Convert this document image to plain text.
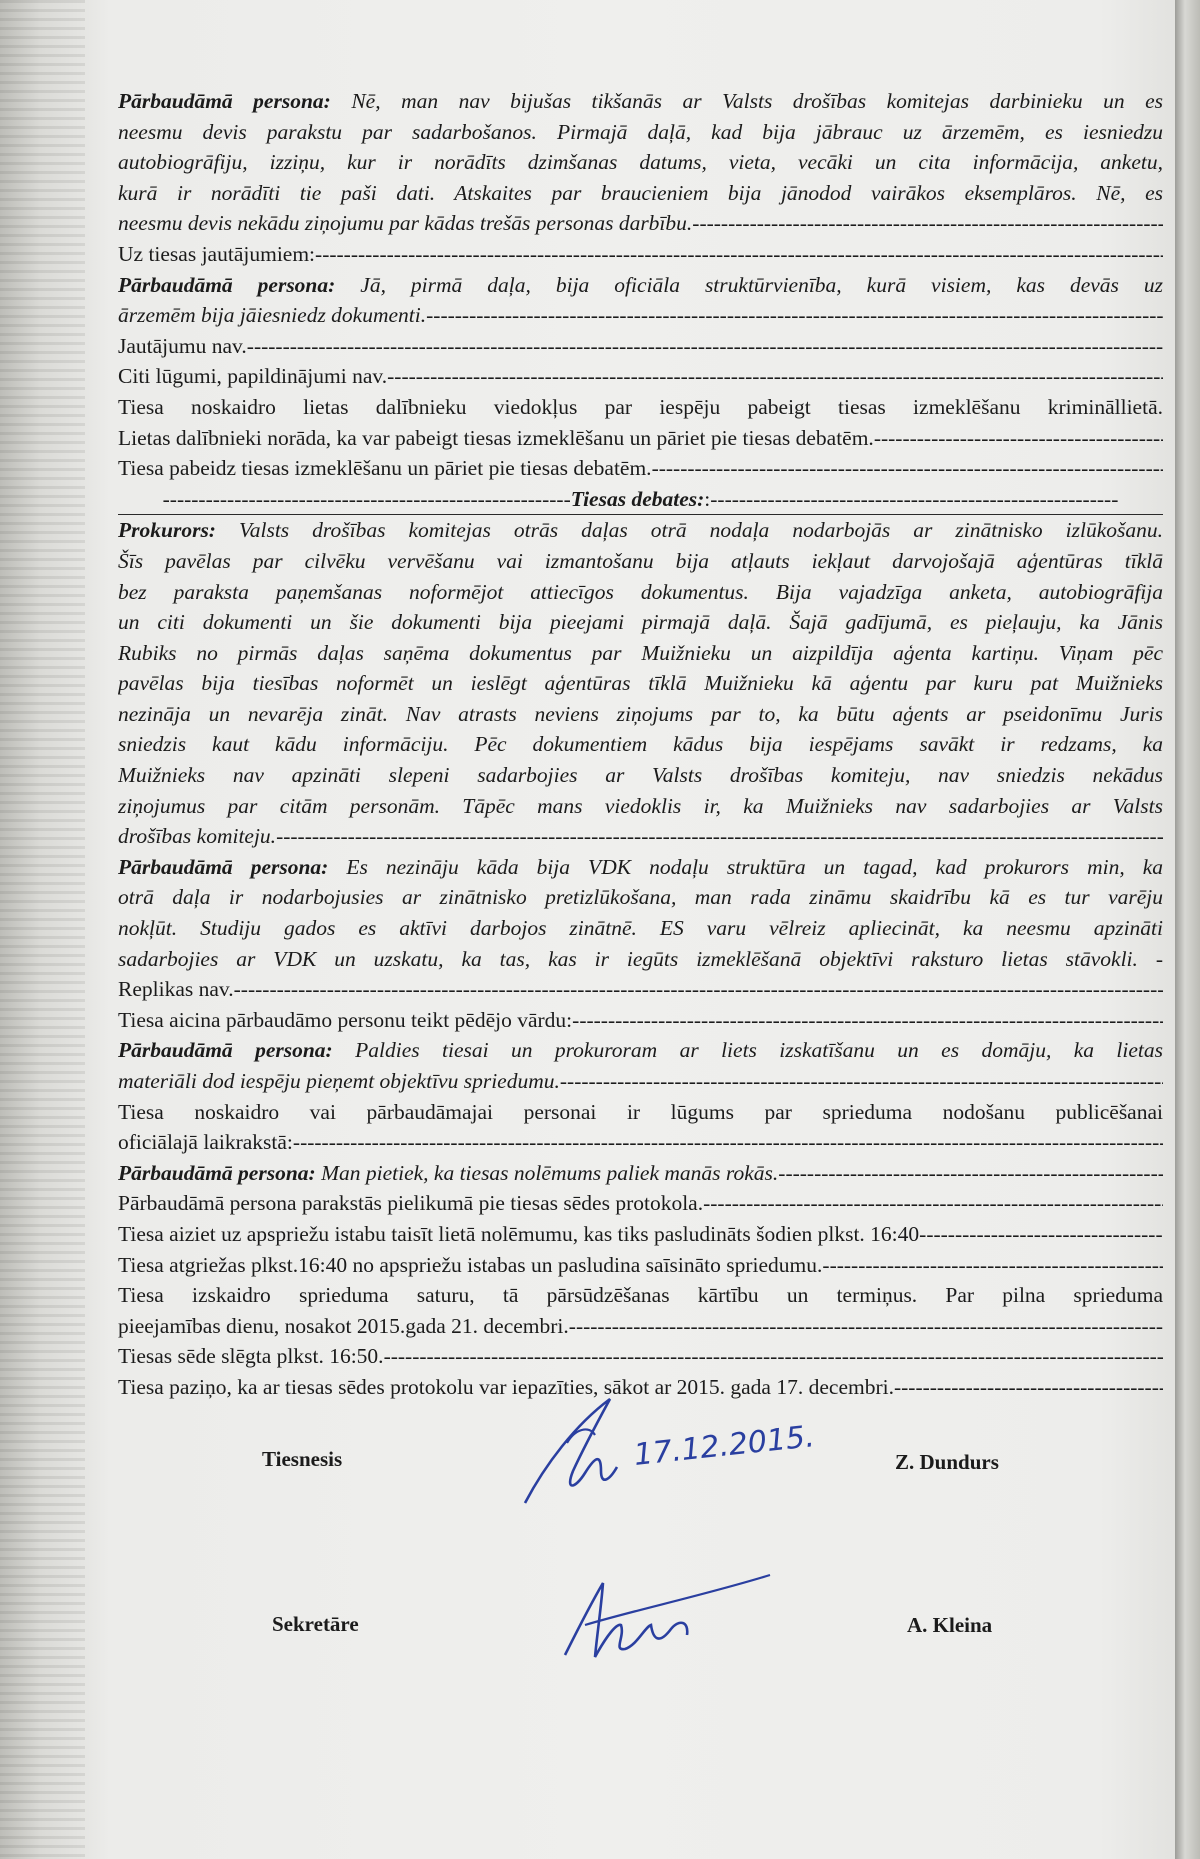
Pārbaudāmā persona: Nē, man nav bijušas tikšanās ar Valsts drošības komitejas darbinieku un es
neesmu devis parakstu par sadarbošanos. Pirmajā daļā, kad bija jābrauc uz ārzemēm, es iesniedzu
autobiogrāfiju, izziņu, kur ir norādīts dzimšanas datums, vieta, vecāki un cita informācija, anketu,
kurā ir norādīti tie paši dati. Atskaites par braucieniem bija jānodod vairākos eksemplāros. Nē, es
neesmu devis nekādu ziņojumu par kādas trešās personas darbību. -----
Uz tiesas jautājumiem: -----
Pārbaudāmā persona: Jā, pirmā daļa, bija oficiāla struktūrvienība, kurā visiem, kas devās uz
ārzemēm bija jāiesniedz dokumenti. -----
Jautājumu nav. -----
Citi lūgumi, papildinājumi nav. -----
Tiesa noskaidro lietas dalībnieku viedokļus par iespēju pabeigt tiesas izmeklēšanu krimināllietā.
Lietas dalībnieki norāda, ka var pabeigt tiesas izmeklēšanu un pāriet pie tiesas debatēm. -----
Tiesa pabeidz tiesas izmeklēšanu un pāriet pie tiesas debatēm. -----
---------------------------------------------------------Tiesas debates::---------------------------------------------------------
Prokurors: Valsts drošības komitejas otrās daļas otrā nodaļa nodarbojās ar zinātnisko izlūkošanu.
Šīs pavēlas par cilvēku vervēšanu vai izmantošanu bija atļauts iekļaut darvojošajā aģentūras tīklā
bez paraksta paņemšanas noformējot attiecīgos dokumentus. Bija vajadzīga anketa, autobiogrāfija
un citi dokumenti un šie dokumenti bija pieejami pirmajā daļā. Šajā gadījumā, es pieļauju, ka Jānis
Rubiks no pirmās daļas saņēma dokumentus par Muižnieku un aizpildīja aģenta kartiņu. Viņam pēc
pavēlas bija tiesības noformēt un ieslēgt aģentūras tīklā Muižnieku kā aģentu par kuru pat Muižnieks
nezināja un nevarēja zināt. Nav atrasts neviens ziņojums par to, ka būtu aģents ar pseidonīmu Juris
sniedzis kaut kādu informāciju. Pēc dokumentiem kādus bija iespējams savākt ir redzams, ka
Muižnieks nav apzināti slepeni sadarbojies ar Valsts drošības komiteju, nav sniedzis nekādus
ziņojumus par citām personām. Tāpēc mans viedoklis ir, ka Muižnieks nav sadarbojies ar Valsts
drošības komiteju. -----
Pārbaudāmā persona: Es nezināju kāda bija VDK nodaļu struktūra un tagad, kad prokurors min, ka
otrā daļa ir nodarbojusies ar zinātnisko pretizlūkošana, man rada zināmu skaidrību kā es tur varēju
nokļūt. Studiju gados es aktīvi darbojos zinātnē. ES varu vēlreiz apliecināt, ka neesmu apzināti
sadarbojies ar VDK un uzskatu, ka tas, kas ir iegūts izmeklēšanā objektīvi raksturo lietas stāvokli. -
Replikas nav. -----
Tiesa aicina pārbaudāmo personu teikt pēdējo vārdu: -----
Pārbaudāmā persona: Paldies tiesai un prokuroram ar liets izskatīšanu un es domāju, ka lietas
materiāli dod iespēju pieņemt objektīvu spriedumu. -----
Tiesa noskaidro vai pārbaudāmajai personai ir lūgums par sprieduma nodošanu publicēšanai
oficiālajā laikrakstā: -----
Pārbaudāmā persona: Man pietiek, ka tiesas nolēmums paliek manās rokās. -----
Pārbaudāmā persona parakstās pielikumā pie tiesas sēdes protokola. -----
Tiesa aiziet uz apspriežu istabu taisīt lietā nolēmumu, kas tiks pasludināts šodien plkst. 16:40 -----
Tiesa atgriežas plkst.16:40 no apspriežu istabas un pasludina saīsināto spriedumu. -----
Tiesa izskaidro sprieduma saturu, tā pārsūdzēšanas kārtību un termiņus. Par pilna sprieduma
pieejamības dienu, nosakot 2015.gada 21. decembri. -----
Tiesas sēde slēgta plkst. 16:50. -----
Tiesa paziņo, ka ar tiesas sēdes protokolu var iepazīties, sākot ar 2015. gada 17. decembri. -----
Tiesnesis	17.12.2015.	Z. Dundurs
Sekretāre	A. Kleina
